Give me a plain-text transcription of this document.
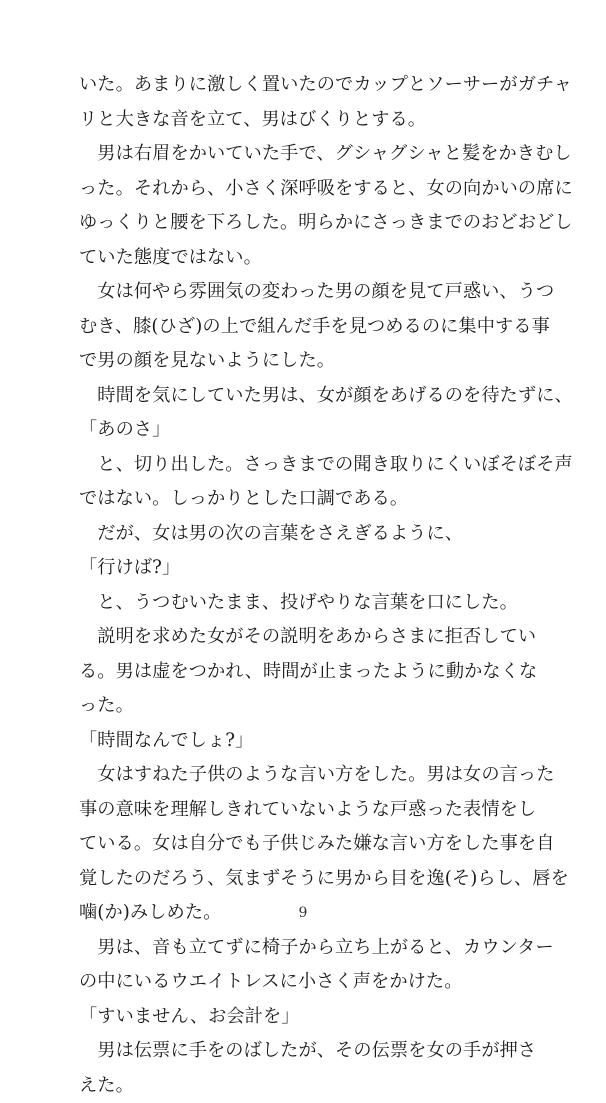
いた。あまりに激しく置いたのでカップとソーサーがガチャ
リと大きな音を立て、男はびくりとする。
　男は右眉をかいていた手で、グシャグシャと髪をかきむし
った。それから、小さく深呼吸をすると、女の向かいの席に
ゆっくりと腰を下ろした。明らかにさっきまでのおどおどし
ていた態度ではない。
　女は何やら雰囲気の変わった男の顔を見て戸惑い、うつ
むき、膝(ひざ)の上で組んだ手を見つめるのに集中する事
で男の顔を見ないようにした。
　時間を気にしていた男は、女が顔をあげるのを待たずに、
「あのさ」
　と、切り出した。さっきまでの聞き取りにくいぼそぼそ声
ではない。しっかりとした口調である。
　だが、女は男の次の言葉をさえぎるように、
「行けば?」
　と、うつむいたまま、投げやりな言葉を口にした。
　説明を求めた女がその説明をあからさまに拒否してい
る。男は虚をつかれ、時間が止まったように動かなくな
った。
「時間なんでしょ?」
　女はすねた子供のような言い方をした。男は女の言った
事の意味を理解しきれていないような戸惑った表情をし
ている。女は自分でも子供じみた嫌な言い方をした事を自
覚したのだろう、気まずそうに男から目を逸(そ)らし、唇を
噛(か)みしめた。
　男は、音も立てずに椅子から立ち上がると、カウンター
の中にいるウエイトレスに小さく声をかけた。
「すいません、お会計を」
　男は伝票に手をのばしたが、その伝票を女の手が押さ
えた。
9
